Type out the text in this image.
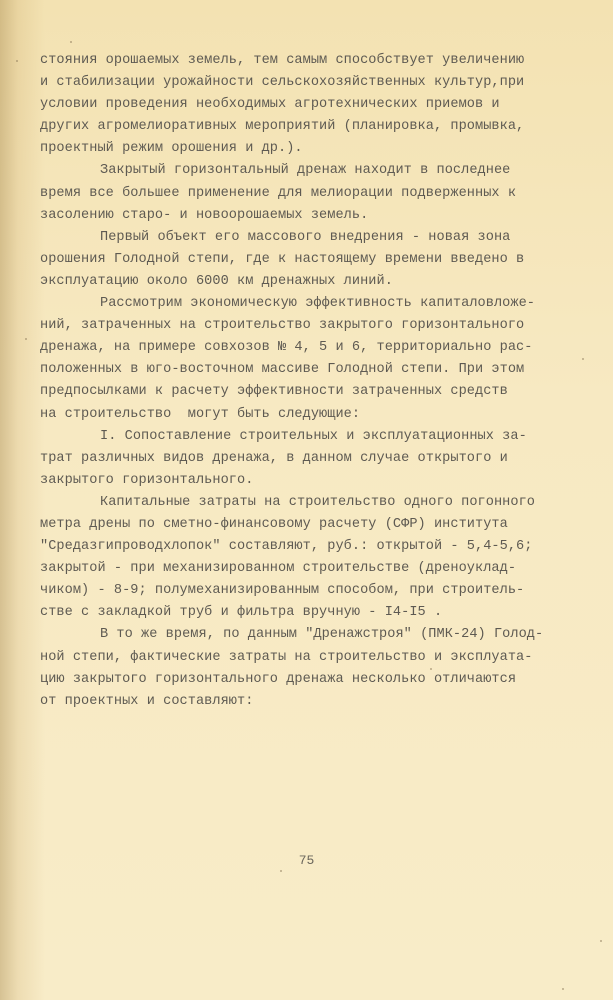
стояния орошаемых земель, тем самым способствует увеличению
и стабилизации урожайности сельскохозяйственных культур,при
условии проведения необходимых агротехнических приемов и
других агромелиоративных мероприятий (планировка, промывка,
проектный режим орошения и др.).
Закрытый горизонтальный дренаж находит в последнее
время все большее применение для мелиорации подверженных к
засолению старо- и новоорошаемых земель.
Первый объект его массового внедрения - новая зона
орошения Голодной степи, где к настоящему времени введено в
эксплуатацию около 6000 км дренажных линий.
Рассмотрим экономическую эффективность капиталовложе-
ний, затраченных на строительство закрытого горизонтального
дренажа, на примере совхозов № 4, 5 и 6, территориально рас-
положенных в юго-восточном массиве Голодной степи. При этом
предпосылками к расчету эффективности затраченных средств
на строительство  могут быть следующие:
I. Сопоставление строительных и эксплуатационных за-
трат различных видов дренажа, в данном случае открытого и
закрытого горизонтального.
Капитальные затраты на строительство одного погонного
метра дрены по сметно-финансовому расчету (СФР) института
"Средазгипроводхлопок" составляют, руб.: открытой - 5,4-5,6;
закрытой - при механизированном строительстве (дреноуклад-
чиком) - 8-9; полумеханизированным способом, при строитель-
стве с закладкой труб и фильтра вручную - I4-I5 .
В то же время, по данным "Дренажстроя" (ПМК-24) Голод-
ной степи, фактические затраты на строительство и эксплуата-
цию закрытого горизонтального дренажа несколько отличаются
от проектных и составляют:
75
